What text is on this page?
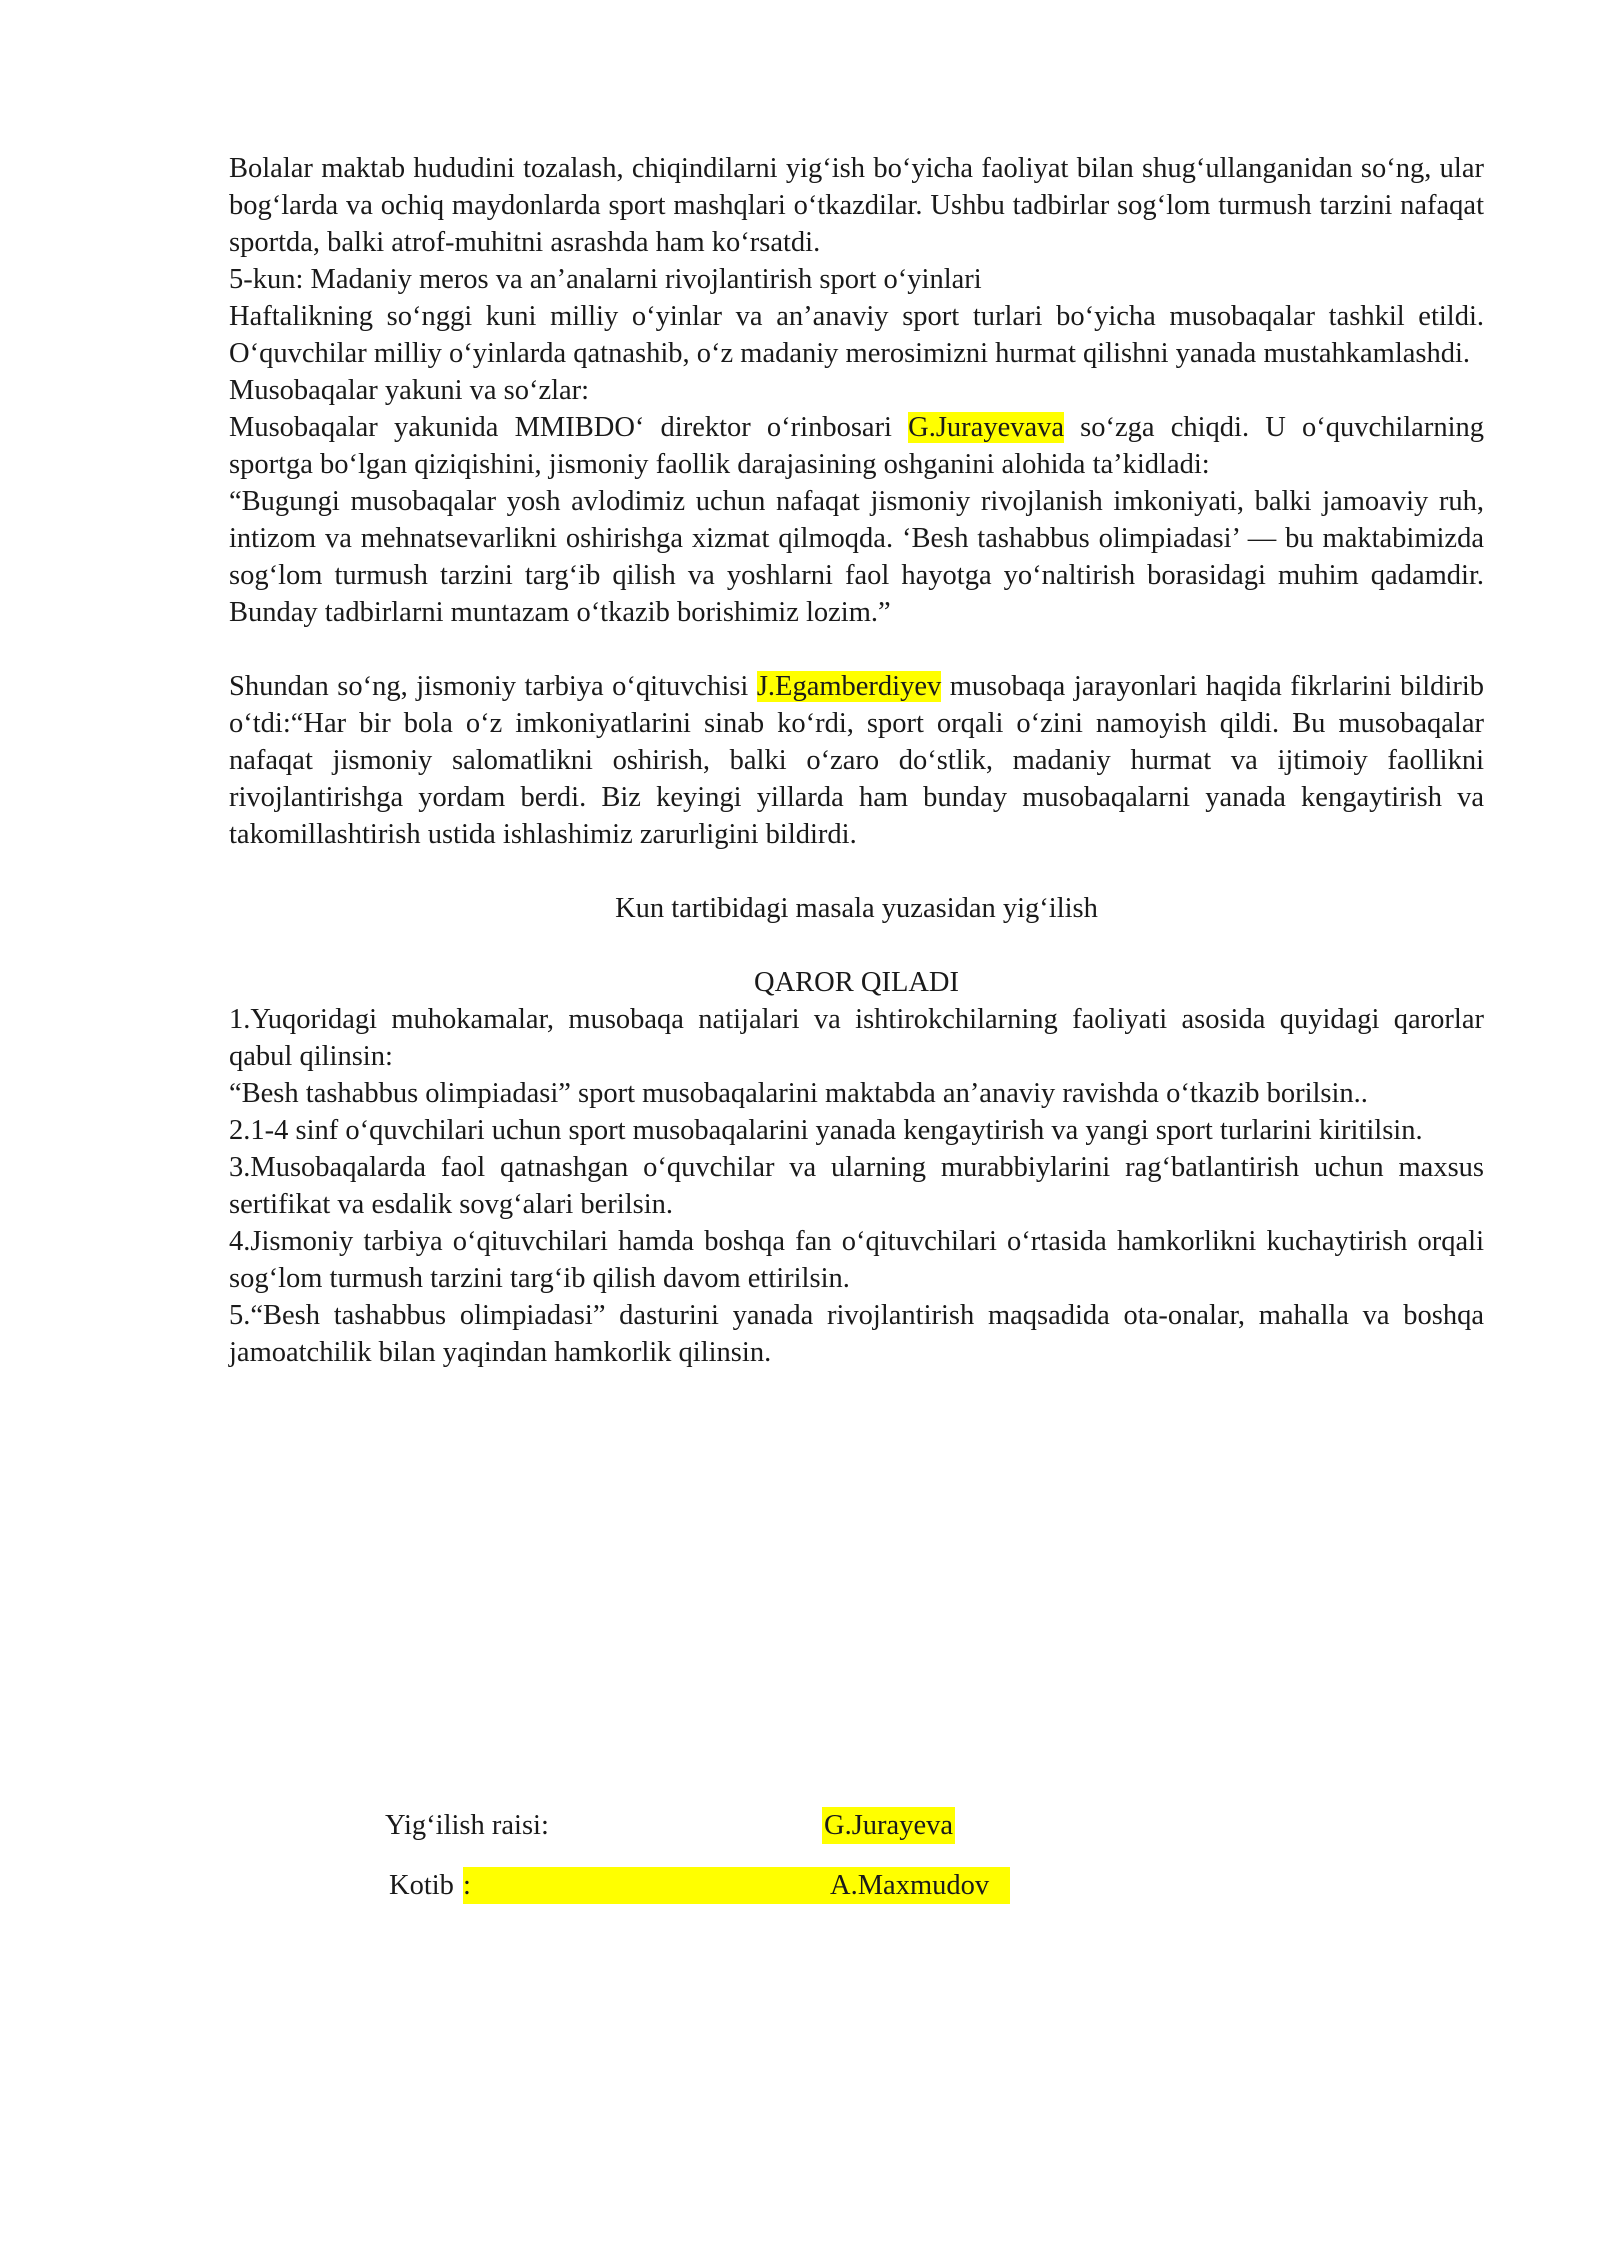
Bolalar maktab hududini tozalash, chiqindilarni yig‘ish bo‘yicha faoliyat bilan shug‘ullanganidan so‘ng, ular bog‘larda va ochiq maydonlarda sport mashqlari o‘tkazdilar. Ushbu tadbirlar sog‘lom turmush tarzini nafaqat sportda, balki atrof-muhitni asrashda ham ko‘rsatdi.

5-kun: Madaniy meros va an’analarni rivojlantirish sport o‘yinlari

Haftalikning so‘nggi kuni milliy o‘yinlar va an’anaviy sport turlari bo‘yicha musobaqalar tashkil etildi. O‘quvchilar milliy o‘yinlarda qatnashib, o‘z madaniy merosimizni hurmat qilishni yanada mustahkamlashdi.

Musobaqalar yakuni va so‘zlar:

Musobaqalar yakunida MMIBDO‘ direktor o‘rinbosari G.Jurayevava so‘zga chiqdi. U o‘quvchilarning sportga bo‘lgan qiziqishini, jismoniy faollik darajasining oshganini alohida ta’kidladi:

“Bugungi musobaqalar yosh avlodimiz uchun nafaqat jismoniy rivojlanish imkoniyati, balki jamoaviy ruh, intizom va mehnatsevarlikni oshirishga xizmat qilmoqda. ‘Besh tashabbus olimpiadasi’ — bu maktabimizda sog‘lom turmush tarzini targ‘ib qilish va yoshlarni faol hayotga yo‘naltirish borasidagi muhim qadamdir. Bunday tadbirlarni muntazam o‘tkazib borishimiz lozim.”

Shundan so‘ng, jismoniy tarbiya o‘qituvchisi J.Egamberdiyev musobaqa jarayonlari haqida fikrlarini bildirib o‘tdi:“Har bir bola o‘z imkoniyatlarini sinab ko‘rdi, sport orqali o‘zini namoyish qildi. Bu musobaqalar nafaqat jismoniy salomatlikni oshirish, balki o‘zaro do‘stlik, madaniy hurmat va ijtimoiy faollikni rivojlantirishga yordam berdi. Biz keyingi yillarda ham bunday musobaqalarni yanada kengaytirish va takomillashtirish ustida ishlashimiz zarurligini bildirdi.

Kun tartibidagi masala yuzasidan yig‘ilish

QAROR QILADI

1.Yuqoridagi muhokamalar, musobaqa natijalari va ishtirokchilarning faoliyati asosida quyidagi qarorlar qabul qilinsin:

“Besh tashabbus olimpiadasi” sport musobaqalarini maktabda an’anaviy ravishda o‘tkazib borilsin..

2.1-4 sinf o‘quvchilari uchun sport musobaqalarini yanada kengaytirish va yangi sport turlarini kiritilsin.

3.Musobaqalarda faol qatnashgan o‘quvchilar va ularning murabbiylarini rag‘batlantirish uchun maxsus sertifikat va esdalik sovg‘alari berilsin.

4.Jismoniy tarbiya o‘qituvchilari hamda boshqa fan o‘qituvchilari o‘rtasida hamkorlikni kuchaytirish orqali sog‘lom turmush tarzini targ‘ib qilish davom ettirilsin.

5.“Besh tashabbus olimpiadasi” dasturini yanada rivojlantirish maqsadida ota-onalar, mahalla va boshqa jamoatchilik bilan yaqindan hamkorlik qilinsin.

Yig‘ilish raisi:	G.Jurayeva
Kotib :	A.Maxmudov
